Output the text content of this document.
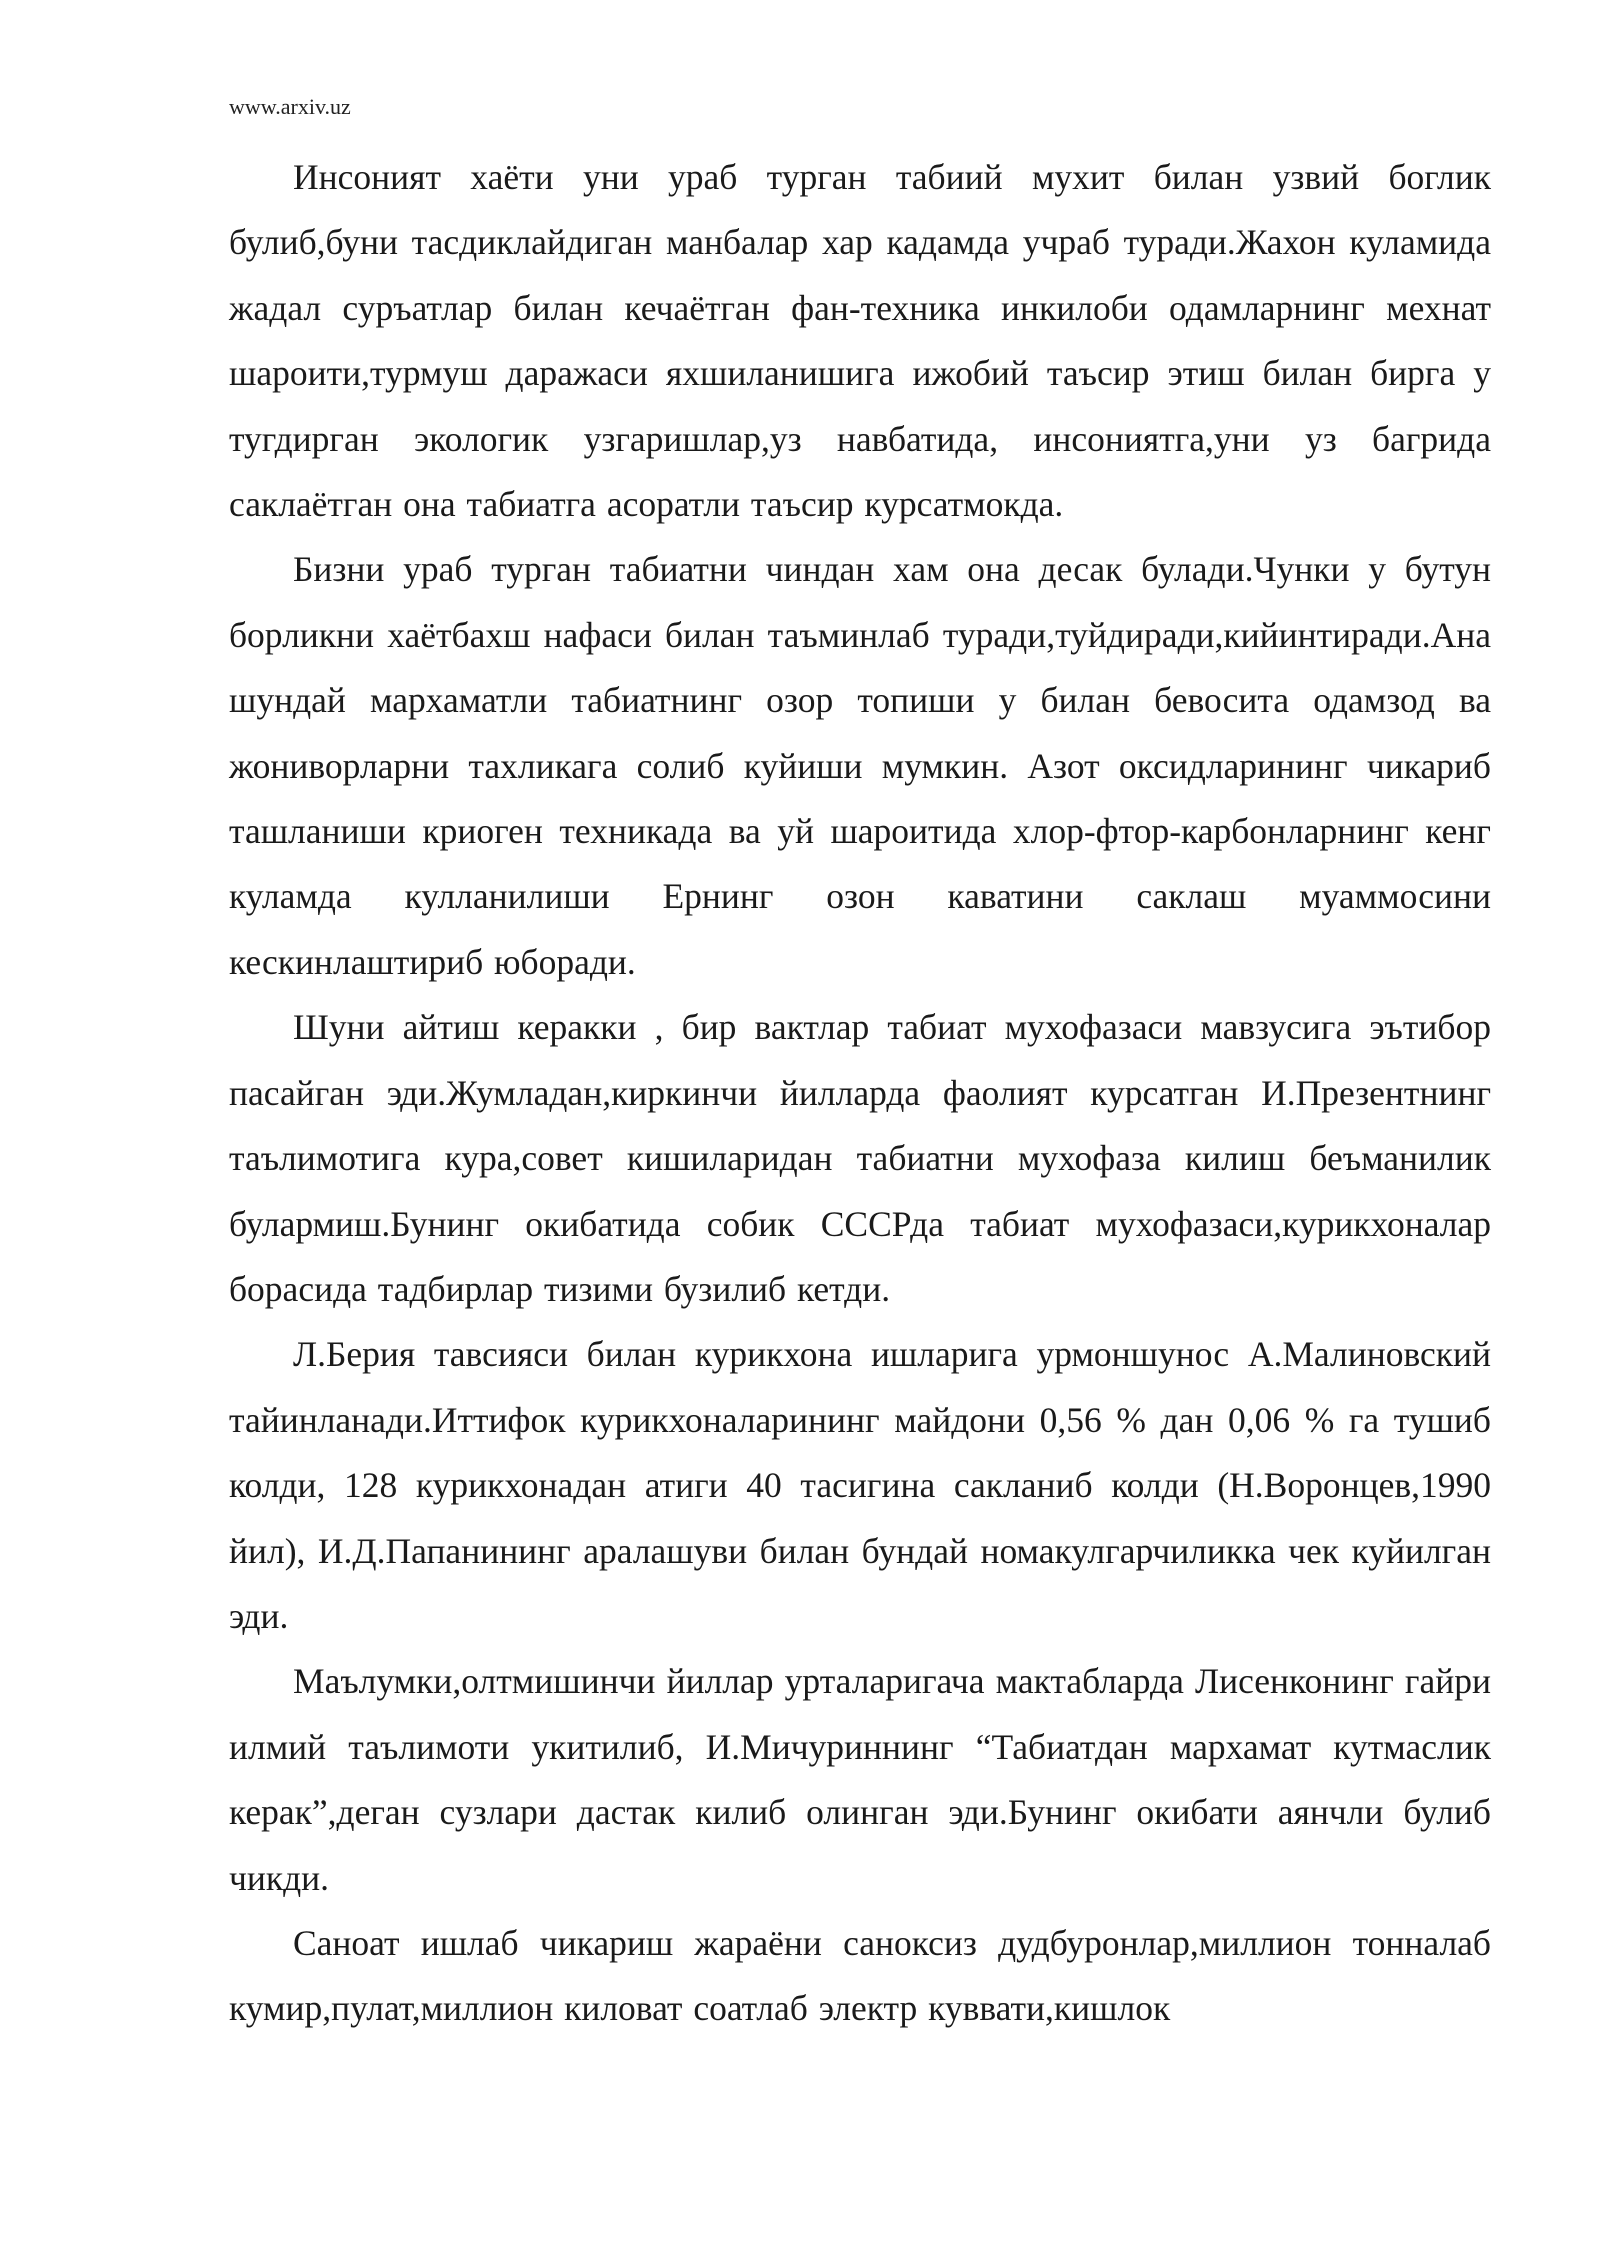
www.arxiv.uz

Инсоният хаёти уни ураб турган табиий мухит билан узвий боглик булиб,буни тасдиклайдиган манбалар хар кадамда учраб туради.Жахон куламида жадал суръатлар билан кечаётган фан-техника инкилоби одамларнинг мехнат шароити,турмуш даражаси яхшиланишига ижобий таъсир этиш билан бирга у тугдирган экологик узгаришлар,уз навбатида, инсониятга,уни уз багрида саклаётган она табиатга асоратли таъсир курсатмокда.

Бизни ураб турган табиатни чиндан хам она десак булади.Чунки у бутун борликни хаётбахш нафаси билан таъминлаб туради,туйдиради,кийинтиради.Ана шундай мархаматли табиатнинг озор топиши у билан бевосита одамзод ва жониворларни тахликага солиб куйиши мумкин. Азот оксидларининг чикариб ташланиши криоген техникада ва уй шароитида хлор-фтор-карбонларнинг кенг куламда кулланилиши Ернинг озон каватини саклаш муаммосини кескинлаштириб юборади.

Шуни айтиш керакки , бир вактлар табиат мухофазаси мавзусига эътибор пасайган эди.Жумладан,киркинчи йилларда фаолият курсатган И.Презентнинг таълимотига кура,совет кишиларидан табиатни мухофаза килиш беъманилик булармиш.Бунинг окибатида собик СССРда табиат мухофазаси,курикхоналар борасида тадбирлар тизими бузилиб кетди.

Л.Берия тавсияси билан курикхона ишларига урмоншунос А.Малиновский тайинланади.Иттифок курикхоналарининг майдони 0,56 % дан 0,06 % га тушиб колди, 128 курикхонадан атиги 40 тасигина сакланиб колди (Н.Воронцев,1990 йил), И.Д.Папанининг аралашуви билан бундай номакулгарчиликка чек куйилган эди.

Маълумки,олтмишинчи йиллар урталаригача мактабларда Лисенконинг гайри илмий таълимоти укитилиб, И.Мичуриннинг “Табиатдан мархамат кутмаслик керак”,деган сузлари дастак килиб олинган эди.Бунинг окибати аянчли булиб чикди.

Саноат ишлаб чикариш жараёни саноксиз дудбуронлар,миллион тонналаб кумир,пулат,миллион киловат соатлаб электр куввати,кишлок
